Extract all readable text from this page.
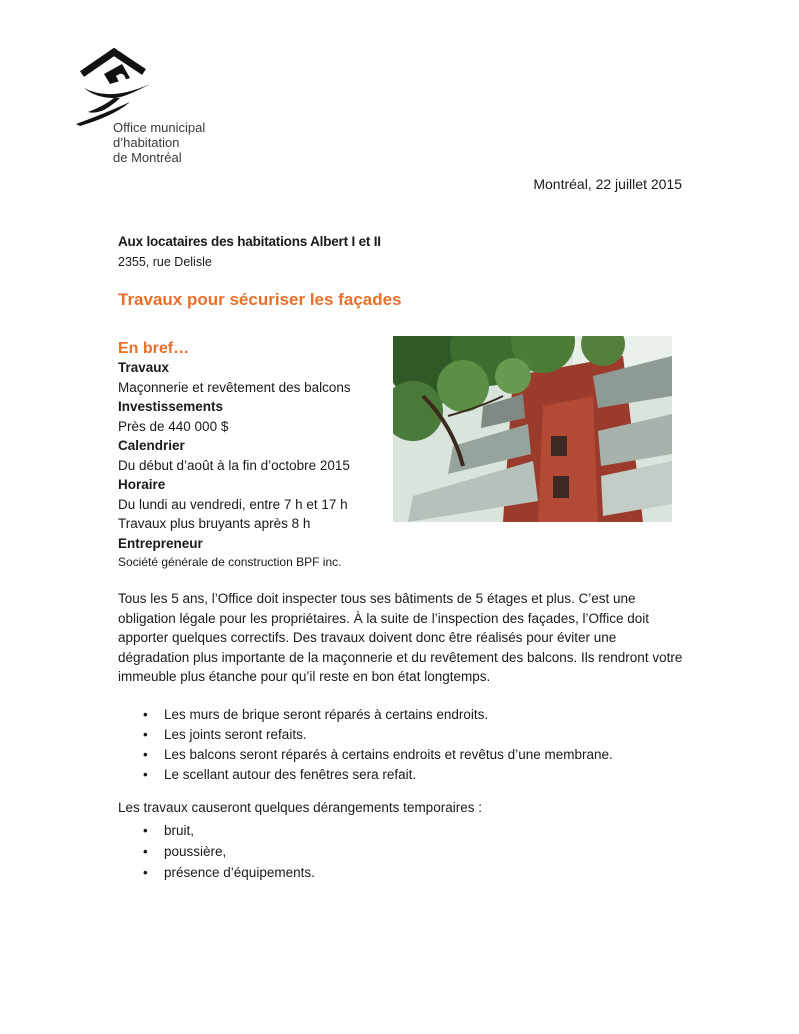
Office municipal
d’habitation
de Montréal
Montréal, 22 juillet 2015
Aux locataires des habitations Albert I et II
2355, rue Delisle
Travaux pour sécuriser les façades
En bref…
Travaux
Maçonnerie et revêtement des balcons
Investissements
Près de 440 000 $
Calendrier
Du début d’août à la fin d’octobre 2015
Horaire
Du lundi au vendredi, entre 7 h et 17 h
Travaux plus bruyants après 8 h
Entrepreneur
Société générale de construction BPF inc.
Tous les 5 ans, l’Office doit inspecter tous ses bâtiments de 5 étages et plus. C’est une obligation légale pour les propriétaires. À la suite de l’inspection des façades, l’Office doit apporter quelques correctifs. Des travaux doivent donc être réalisés pour éviter une dégradation plus importante de la maçonnerie et du revêtement des balcons. Ils rendront votre immeuble plus étanche pour qu’il reste en bon état longtemps.
• Les murs de brique seront réparés à certains endroits.
• Les joints seront refaits.
• Les balcons seront réparés à certains endroits et revêtus d’une membrane.
• Le scellant autour des fenêtres sera refait.
Les travaux causeront quelques dérangements temporaires :
• bruit,
• poussière,
• présence d’équipements.
